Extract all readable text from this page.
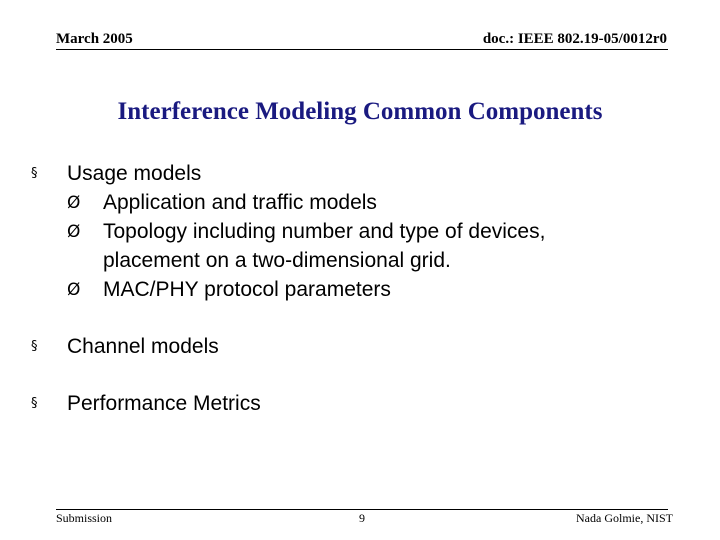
March 2005	doc.: IEEE 802.19-05/0012r0
Interference Modeling Common Components
§ Usage models
Ø Application and traffic models
Ø Topology including number and type of devices,
placement on a two-dimensional grid.
Ø MAC/PHY protocol parameters
§ Channel models
§ Performance Metrics
Submission	9	Nada Golmie, NIST
